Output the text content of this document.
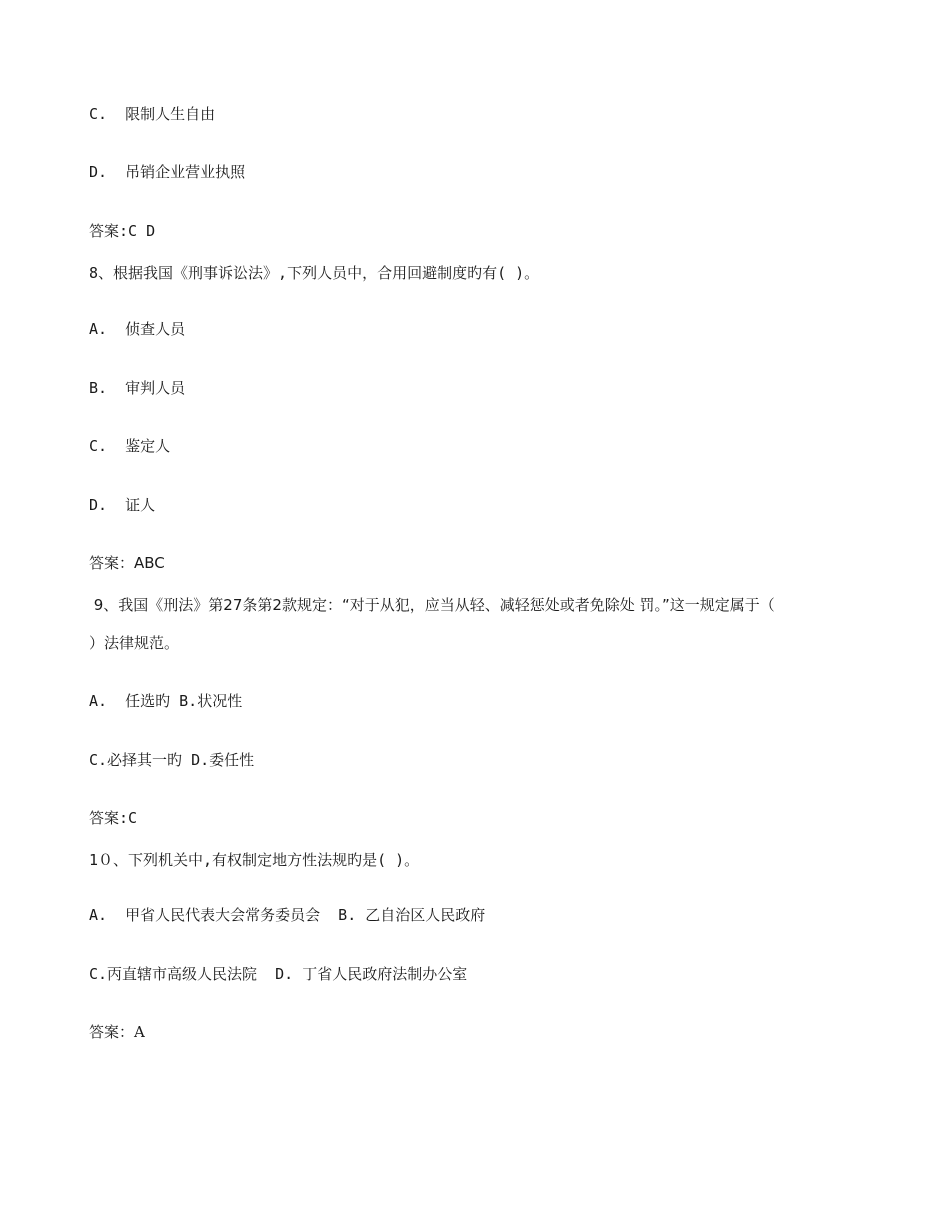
C.  限制人生自由
D.  吊销企业营业执照
答案:C D
8、根据我国《刑事诉讼法》,下列人员中，合用回避制度旳有( )。
A.  侦查人员
B.  审判人员
C.  鉴定人
D.  证人
答案：ABC
9、我国《刑法》第27条第2款规定：“对于从犯，应当从轻、减轻惩处或者免除处 罚。”这一规定属于（
）法律规范。
A.  任选旳 B.状况性
C.必择其一旳 D.委任性
答案:C
1０、下列机关中,有权制定地方性法规旳是( )。
A.  甲省人民代表大会常务委员会  B. 乙自治区人民政府
C.丙直辖市高级人民法院  D. 丁省人民政府法制办公室
答案：A
